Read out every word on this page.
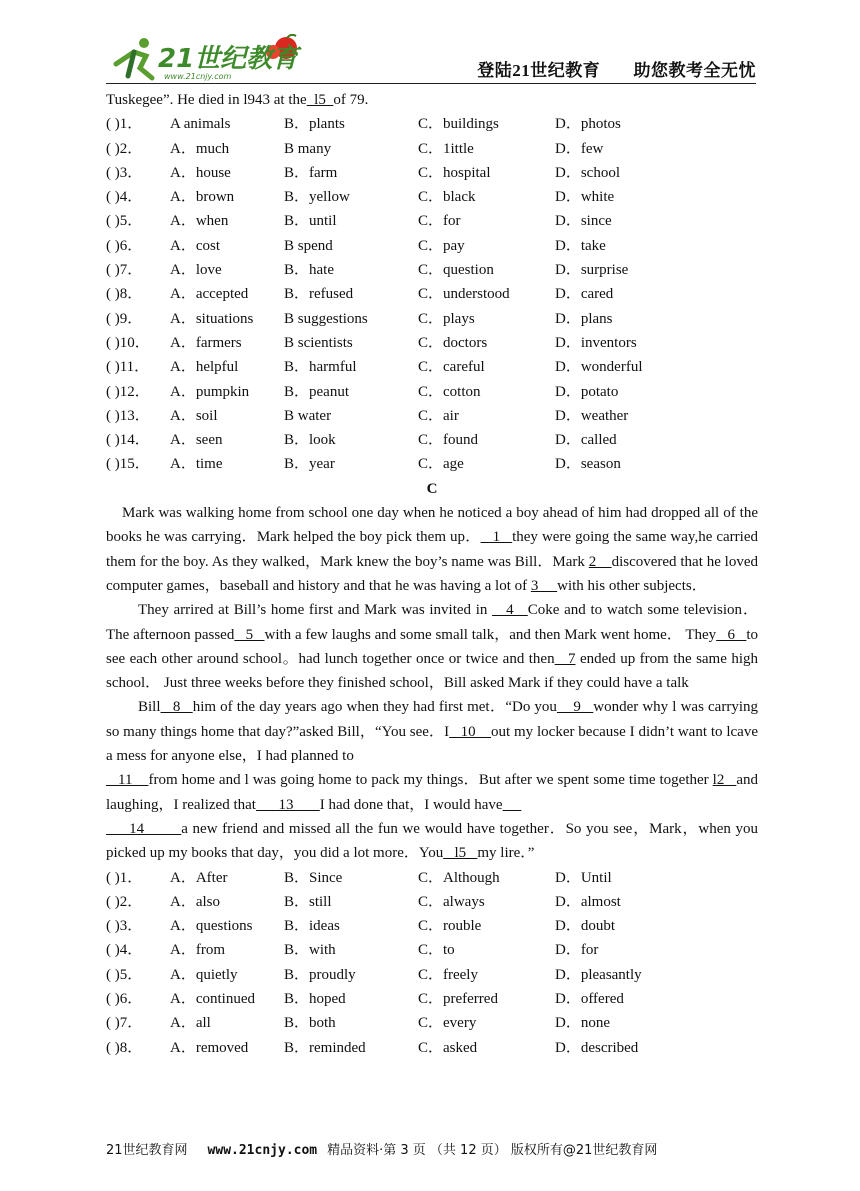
21世纪教育
www.21cnjy.com	登陆21世纪教育 助您教考全无忧
Tuskegee”. He died in l943 at the  l5  of 79.
( )1．	A animals	B．plants	C．buildings	D．photos
( )2．	A．much	B many	C．1ittle	D．few
( )3．	A．house	B．farm	C．hospital	D．school
( )4．	A．brown	B．yellow	C．black	D．white
( )5．	A．when	B．until	C．for	D．since
( )6．	A．cost	B spend	C．pay	D．take
( )7．	A．love	B．hate	C．question	D．surprise
( )8．	A．accepted	B．refused	C．understood	D．cared
( )9．	A．situations	B suggestions	C．plays	D．plans
( )10．	A．farmers	B scientists	C．doctors	D．inventors
( )11．	A．helpful	B．harmful	C．careful	D．wonderful
( )12．	A．pumpkin	B．peanut	C．cotton	D．potato
( )13．	A．soil	B water	C．air	D．weather
( )14．	A．seen	B．look	C．found	D．called
( )15．	A．time	B．year	C．age	D．season
C
Mark was walking home from school one day when he noticed a boy ahead of him had dropped all of the books he was carrying．Mark helped the boy pick them up．   1   they were going the same way,he carried them for the boy. As they walked，Mark knew the boy’s name was Bill．Mark 2    discovered that he loved computer games，baseball and history and that he was having a lot of 3     with his other subjects．
They arrired at Bill’s home first and Mark was invited in    4   Coke and to watch some television．The afternoon passed   5   with a few laughs and some small talk，and then Mark went home． They   6   to see each other around school。had lunch together once or twice and then   7 ended up from the same high school． Just three weeks before they finished school，Bill asked Mark if they could have a talk
Bill   8   him of the day years ago when they had first met．“Do you    9   wonder why l was carrying so many things home that day?”asked Bill，“You see．I   10    out my locker because I didn’t want to lcave a mess for anyone else，I had planned to
11    from home and l was going home to pack my things．But after we spent some time together l2   and laughing，I realized that      13       I had done that，I would have
14        a new friend and missed all the fun we would have together．So you see，Mark，when you picked up my books that day，you did a lot more．You   l5   my lire．”
( )1．	A．After	B．Since	C．Although	D．Until
( )2．	A．also	B．still	C．always	D．almost
( )3．	A．questions	B．ideas	C．rouble	D．doubt
( )4．	A．from	B．with	C．to	D．for
( )5．	A．quietly	B．proudly	C．freely	D．pleasantly
( )6．	A．continued	B．hoped	C．preferred	D．offered
( )7．	A．all	B．both	C．every	D．none
( )8．	A．removed	B．reminded	C．asked	D．described
21世纪教育网 www.21cnjy.com 精品资料·第 3 页 （共 12 页） 版权所有@21世纪教育网
